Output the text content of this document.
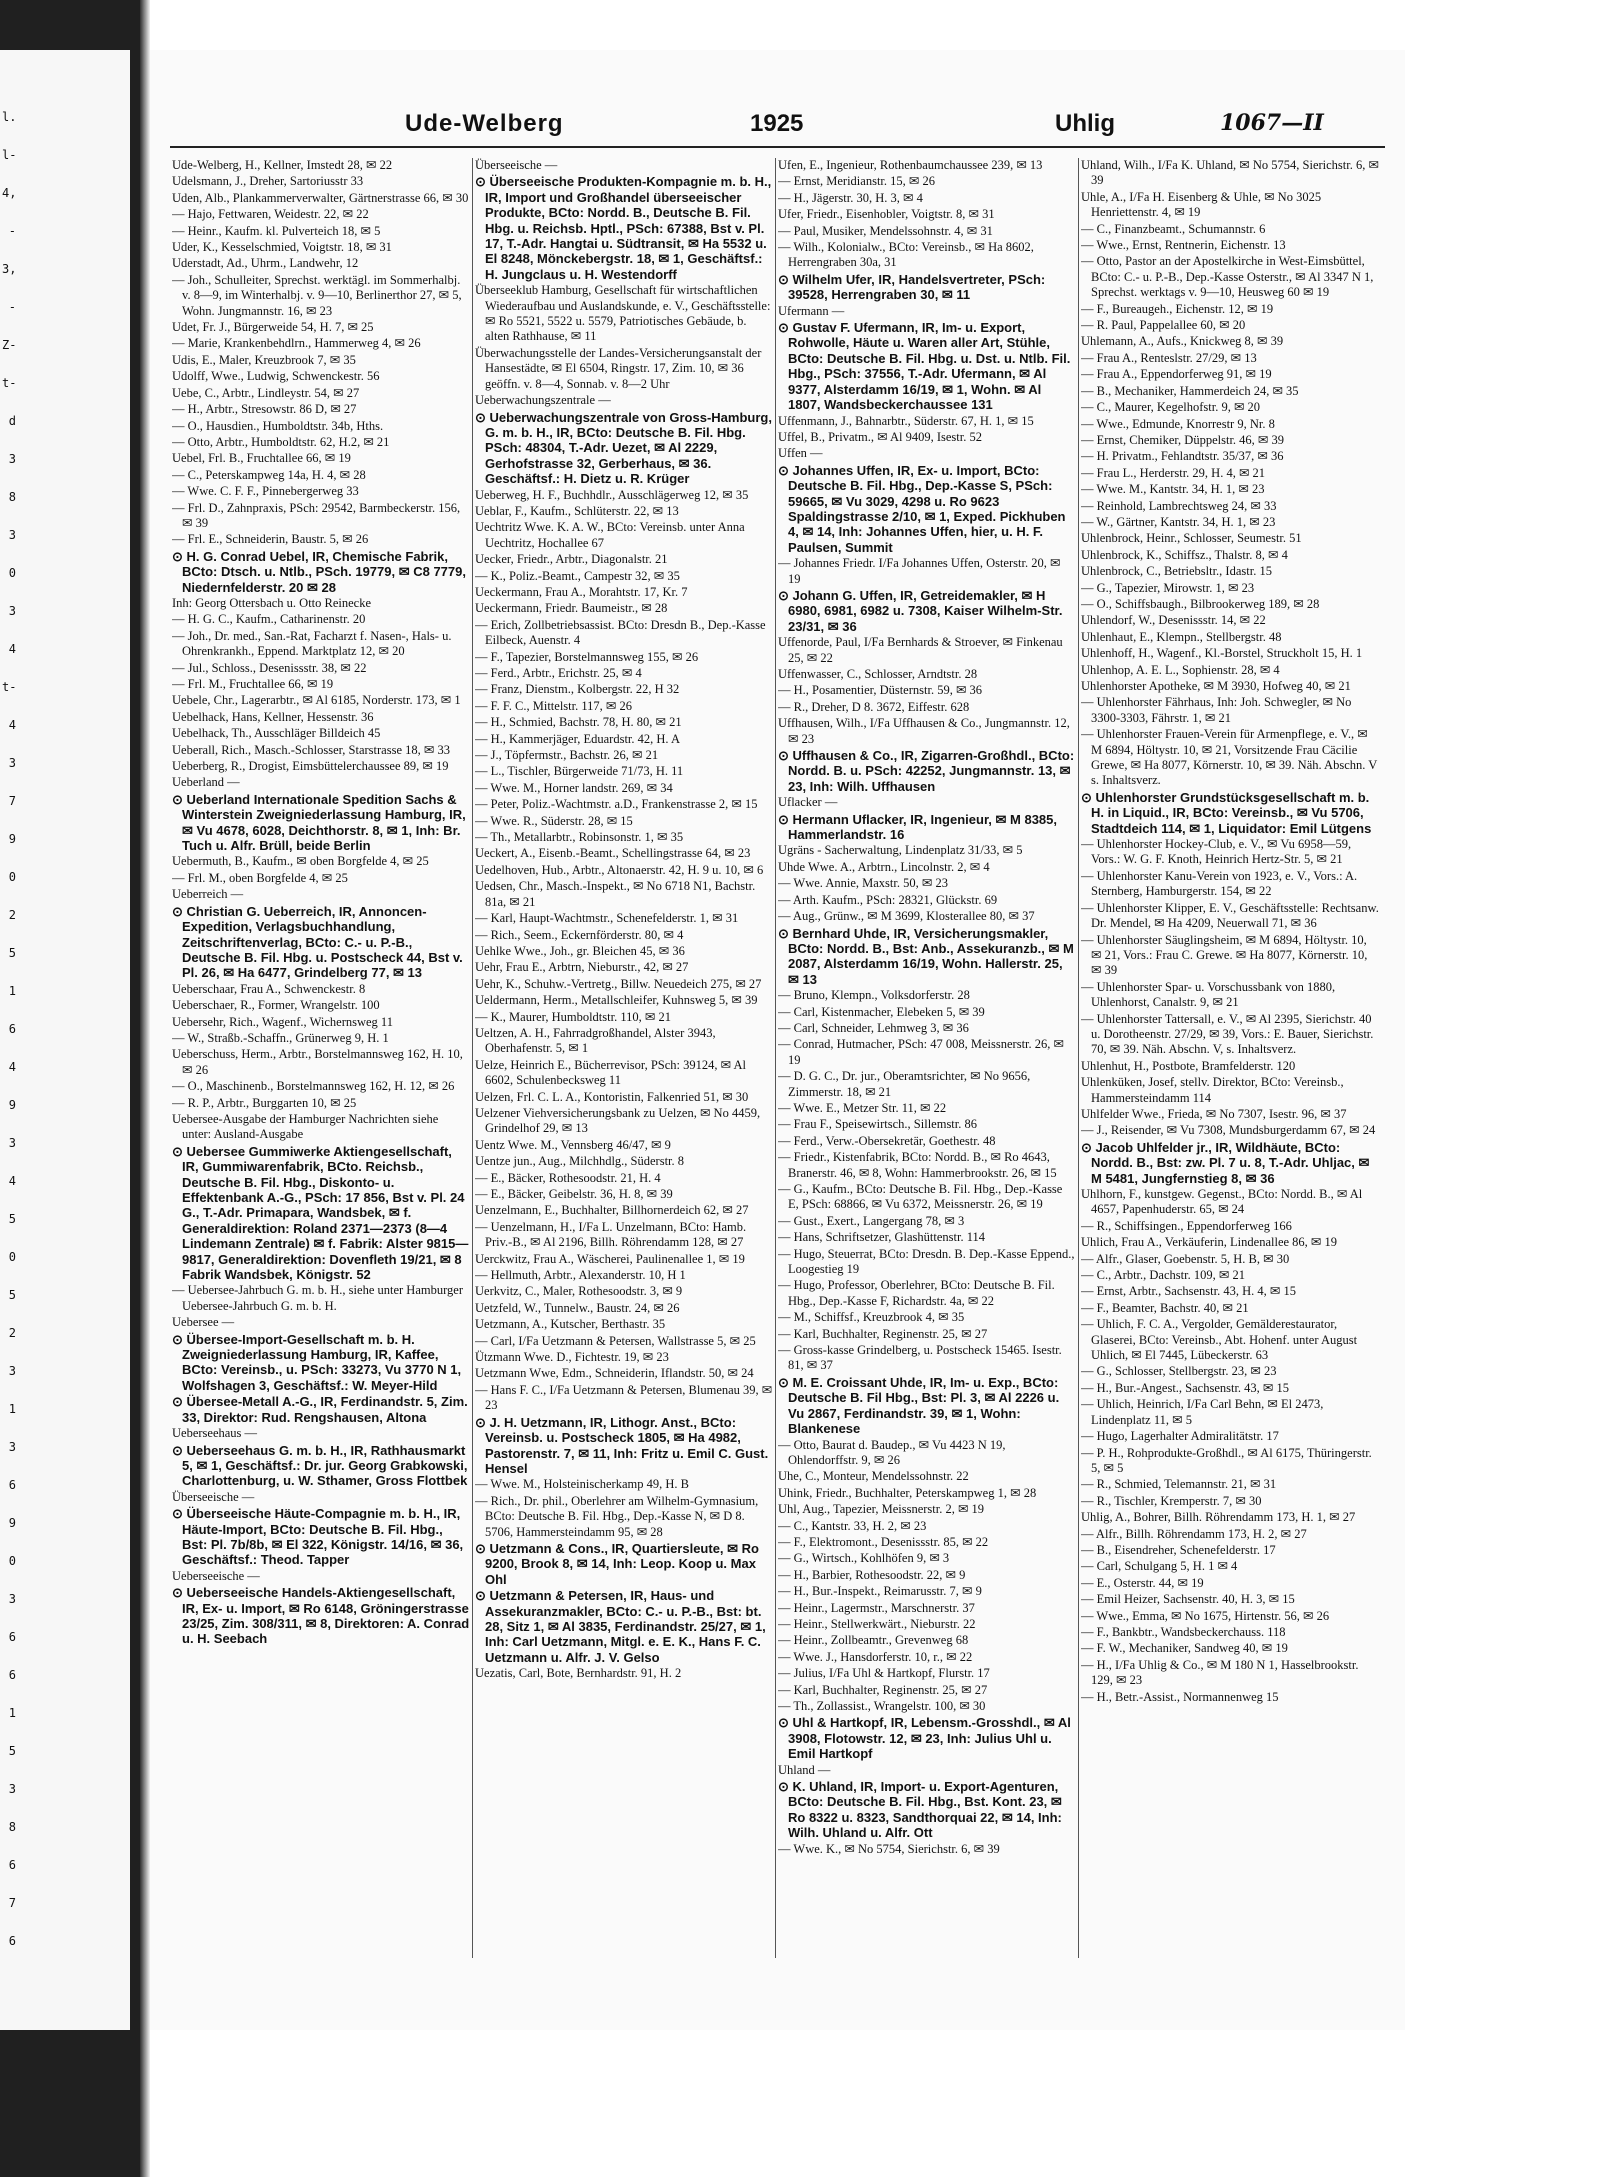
l.
l-
4,
-
3,
-
Z-
t-
d
3
8
3
0
3
4
t-
4
3
7
9
0
2
5
1
6
4
9
3
4
5
0
5
2
3
1
3
6
9
0
3
6
6
1
5
3
8
6
7
6
Ude-Welberg	1925	Uhlig	1067—II
Ude-Welberg, H., Kellner, Imstedt 28, ✉ 22
Udelsmann, J., Dreher, Sartoriusstr 33
Uden, Alb., Plankammerverwalter, Gärtnerstrasse 66, ✉ 30
— Hajo, Fettwaren, Weidestr. 22, ✉ 22
— Heinr., Kaufm. kl. Pulverteich 18, ✉ 5
Uder, K., Kesselschmied, Voigtstr. 18, ✉ 31
Uderstadt, Ad., Uhrm., Landwehr, 12
— Joh., Schulleiter, Sprechst. werktägl. im Sommerhalbj. v. 8—9, im Winterhalbj. v. 9—10, Berlinerthor 27, ✉ 5, Wohn. Jungmannstr. 16, ✉ 23
Udet, Fr. J., Bürgerweide 54, H. 7, ✉ 25
— Marie, Krankenbehdlrn., Hammerweg 4, ✉ 26
Udis, E., Maler, Kreuzbrook 7, ✉ 35
Udolff, Wwe., Ludwig, Schwenckestr. 56
Uebe, C., Arbtr., Lindleystr. 54, ✉ 27
— H., Arbtr., Stresowstr. 86 D, ✉ 27
— O., Hausdien., Humboldtstr. 34b, Hths.
— Otto, Arbtr., Humboldtstr. 62, H.2, ✉ 21
Uebel, Frl. B., Fruchtallee 66, ✉ 19
— C., Peterskampweg 14a, H. 4, ✉ 28
— Wwe. C. F. F., Pinnebergerweg 33
— Frl. D., Zahnpraxis, PSch: 29542, Barmbeckerstr. 156, ✉ 39
— Frl. E., Schneiderin, Baustr. 5, ✉ 26
⊙ H. G. Conrad Uebel, IR, Chemische Fabrik, BCto: Dtsch. u. Ntlb., PSch. 19779, ✉ C8 7779, Niedernfelderstr. 20 ✉ 28
Inh: Georg Ottersbach u. Otto Reinecke
— H. G. C., Kaufm., Catharinenstr. 20
— Joh., Dr. med., San.-Rat, Facharzt f. Nasen-, Hals- u. Ohrenkrankh., Eppend. Marktplatz 12, ✉ 20
— Jul., Schloss., Desenissstr. 38, ✉ 22
— Frl. M., Fruchtallee 66, ✉ 19
Uebele, Chr., Lagerarbtr., ✉ Al 6185, Norderstr. 173, ✉ 1
Uebelhack, Hans, Kellner, Hessenstr. 36
Uebelhack, Th., Ausschläger Billdeich 45
Ueberall, Rich., Masch.-Schlosser, Starstrasse 18, ✉ 33
Ueberberg, R., Drogist, Eimsbüttelerchaussee 89, ✉ 19
Ueberland —
⊙ Ueberland Internationale Spedition Sachs & Winterstein Zweigniederlassung Hamburg, IR, ✉ Vu 4678, 6028, Deichthorstr. 8, ✉ 1, Inh: Br. Tuch u. Alfr. Brüll, beide Berlin
Uebermuth, B., Kaufm., ✉ oben Borgfelde 4, ✉ 25
— Frl. M., oben Borgfelde 4, ✉ 25
Ueberreich —
⊙ Christian G. Ueberreich, IR, Annoncen-Expedition, Verlagsbuchhandlung, Zeitschriftenverlag, BCto: C.- u. P.-B., Deutsche B. Fil. Hbg. u. Postscheck 44, Bst v. Pl. 26, ✉ Ha 6477, Grindelberg 77, ✉ 13
Ueberschaar, Frau A., Schwenckestr. 8
Ueberschaer, R., Former, Wrangelstr. 100
Uebersehr, Rich., Wagenf., Wichernsweg 11
— W., Straßb.-Schaffn., Grünerweg 9, H. 1
Ueberschuss, Herm., Arbtr., Borstelmannsweg 162, H. 10, ✉ 26
— O., Maschinenb., Borstelmannsweg 162, H. 12, ✉ 26
— R. P., Arbtr., Burggarten 10, ✉ 25
Uebersee-Ausgabe der Hamburger Nachrichten siehe unter: Ausland-Ausgabe
⊙ Uebersee Gummiwerke Aktiengesellschaft, IR, Gummiwarenfabrik, BCto. Reichsb., Deutsche B. Fil. Hbg., Diskonto- u. Effektenbank A.-G., PSch: 17 856, Bst v. Pl. 24 G., T.-Adr. Primapara, Wandsbek, ✉ f. Generaldirektion: Roland 2371—2373 (8—4 Lindemann Zentrale) ✉ f. Fabrik: Alster 9815—9817, Generaldirektion: Dovenfleth 19/21, ✉ 8 Fabrik Wandsbek, Königstr. 52
— Uebersee-Jahrbuch G. m. b. H., siehe unter Hamburger Uebersee-Jahrbuch G. m. b. H.
Uebersee —
⊙ Übersee-Import-Gesellschaft m. b. H. Zweigniederlassung Hamburg, IR, Kaffee, BCto: Vereinsb., u. PSch: 33273, Vu 3770 N 1, Wolfshagen 3, Geschäftsf.: W. Meyer-Hild
⊙ Übersee-Metall A.-G., IR, Ferdinandstr. 5, Zim. 33, Direktor: Rud. Rengshausen, Altona
Ueberseehaus —
⊙ Ueberseehaus G. m. b. H., IR, Rathhausmarkt 5, ✉ 1, Geschäftsf.: Dr. jur. Georg Grabkowski, Charlottenburg, u. W. Sthamer, Gross Flottbek
Überseeische —
⊙ Überseeische Häute-Compagnie m. b. H., IR, Häute-Import, BCto: Deutsche B. Fil. Hbg., Bst: Pl. 7b/8b, ✉ El 322, Königstr. 14/16, ✉ 36, Geschäftsf.: Theod. Tapper
Ueberseeische —
⊙ Ueberseeische Handels-Aktiengesellschaft, IR, Ex- u. Import, ✉ Ro 6148, Gröningerstrasse 23/25, Zim. 308/311, ✉ 8, Direktoren: A. Conrad u. H. Seebach
Überseeische —
⊙ Überseeische Produkten-Kompagnie m. b. H., IR, Import und Großhandel überseeischer Produkte, BCto: Nordd. B., Deutsche B. Fil. Hbg. u. Reichsb. Hptl., PSch: 67388, Bst v. Pl. 17, T.-Adr. Hangtai u. Südtransit, ✉ Ha 5532 u. El 8248, Mönckebergstr. 18, ✉ 1, Geschäftsf.: H. Jungclaus u. H. Westendorff
Überseeklub Hamburg, Gesellschaft für wirtschaftlichen Wiederaufbau und Auslandskunde, e. V., Geschäftsstelle: ✉ Ro 5521, 5522 u. 5579, Patriotisches Gebäude, b. alten Rathhause, ✉ 11
Überwachungsstelle der Landes-Versicherungsanstalt der Hansestädte, ✉ El 6504, Ringstr. 17, Zim. 10, ✉ 36 geöffn. v. 8—4, Sonnab. v. 8—2 Uhr
Ueberwachungszentrale —
⊙ Ueberwachungszentrale von Gross-Hamburg, G. m. b. H., IR, BCto: Deutsche B. Fil. Hbg. PSch: 48304, T.-Adr. Uezet, ✉ Al 2229, Gerhofstrasse 32, Gerberhaus, ✉ 36. Geschäftsf.: H. Dietz u. R. Krüger
Ueberweg, H. F., Buchhdlr., Ausschlägerweg 12, ✉ 35
Ueblar, F., Kaufm., Schlüterstr. 22, ✉ 13
Uechtritz Wwe. K. A. W., BCto: Vereinsb. unter Anna Uechtritz, Hochallee 67
Uecker, Friedr., Arbtr., Diagonalstr. 21
— K., Poliz.-Beamt., Campestr 32, ✉ 35
Ueckermann, Frau A., Morahtstr. 17, Kr. 7
Ueckermann, Friedr. Baumeistr., ✉ 28
— Erich, Zollbetriebsassist. BCto: Dresdn B., Dep.-Kasse Eilbeck, Auenstr. 4
— F., Tapezier, Borstelmannsweg 155, ✉ 26
— Ferd., Arbtr., Erichstr. 25, ✉ 4
— Franz, Dienstm., Kolbergstr. 22, H 32
— F. F. C., Mittelstr. 117, ✉ 26
— H., Schmied, Bachstr. 78, H. 80, ✉ 21
— H., Kammerjäger, Eduardstr. 42, H. A
— J., Töpfermstr., Bachstr. 26, ✉ 21
— L., Tischler, Bürgerweide 71/73, H. 11
— Wwe. M., Horner landstr. 269, ✉ 34
— Peter, Poliz.-Wachtmstr. a.D., Frankenstrasse 2, ✉ 15
— Wwe. R., Süderstr. 28, ✉ 15
— Th., Metallarbtr., Robinsonstr. 1, ✉ 35
Ueckert, A., Eisenb.-Beamt., Schellingstrasse 64, ✉ 23
Uedelhoven, Hub., Arbtr., Altonaerstr. 42, H. 9 u. 10, ✉ 6
Uedsen, Chr., Masch.-Inspekt., ✉ No 6718 N1, Bachstr. 81a, ✉ 21
— Karl, Haupt-Wachtmstr., Schenefelderstr. 1, ✉ 31
— Rich., Seem., Eckernförderstr. 80, ✉ 4
Uehlke Wwe., Joh., gr. Bleichen 45, ✉ 36
Uehr, Frau E., Arbtrn, Nieburstr., 42, ✉ 27
Uehr, K., Schuhw.-Vertretg., Billw. Neuedeich 275, ✉ 27
Ueldermann, Herm., Metallschleifer, Kuhnsweg 5, ✉ 39
— K., Maurer, Humboldtstr. 110, ✉ 21
Ueltzen, A. H., Fahrradgroßhandel, Alster 3943, Oberhafenstr. 5, ✉ 1
Uelze, Heinrich E., Bücherrevisor, PSch: 39124, ✉ Al 6602, Schulenbecksweg 11
Uelzen, Frl. C. L. A., Kontoristin, Falkenried 51, ✉ 30
Uelzener Viehversicherungsbank zu Uelzen, ✉ No 4459, Grindelhof 29, ✉ 13
Uentz Wwe. M., Vennsberg 46/47, ✉ 9
Uentze jun., Aug., Milchhdlg., Süderstr. 8
— E., Bäcker, Rothesoodstr. 21, H. 4
— E., Bäcker, Geibelstr. 36, H. 8, ✉ 39
Uenzelmann, E., Buchhalter, Billhornerdeich 62, ✉ 27
— Uenzelmann, H., I/Fa L. Unzelmann, BCto: Hamb. Priv.-B., ✉ Al 2196, Billh. Röhrendamm 128, ✉ 27
Uerckwitz, Frau A., Wäscherei, Paulinenallee 1, ✉ 19
— Hellmuth, Arbtr., Alexanderstr. 10, H 1
Uerkvitz, C., Maler, Rothesoodstr. 3, ✉ 9
Uetzfeld, W., Tunnelw., Baustr. 24, ✉ 26
Uetzmann, A., Kutscher, Berthastr. 35
— Carl, I/Fa Uetzmann & Petersen, Wallstrasse 5, ✉ 25
Ützmann Wwe. D., Fichtestr. 19, ✉ 23
Uetzmann Wwe, Edm., Schneiderin, Iflandstr. 50, ✉ 24
— Hans F. C., I/Fa Uetzmann & Petersen, Blumenau 39, ✉ 23
⊙ J. H. Uetzmann, IR, Lithogr. Anst., BCto: Vereinsb. u. Postscheck 1805, ✉ Ha 4982, Pastorenstr. 7, ✉ 11, Inh: Fritz u. Emil C. Gust. Hensel
— Wwe. M., Holsteinischerkamp 49, H. B
— Rich., Dr. phil., Oberlehrer am Wilhelm-Gymnasium, BCto: Deutsche B. Fil. Hbg., Dep.-Kasse N, ✉ D 8. 5706, Hammersteindamm 95, ✉ 28
⊙ Uetzmann & Cons., IR, Quartiersleute, ✉ Ro 9200, Brook 8, ✉ 14, Inh: Leop. Koop u. Max Ohl
⊙ Uetzmann & Petersen, IR, Haus- und Assekuranzmakler, BCto: C.- u. P.-B., Bst: bt. 28, Sitz 1, ✉ Al 3835, Ferdinandstr. 25/27, ✉ 1, Inh: Carl Uetzmann, Mitgl. e. E. K., Hans F. C. Uetzmann u. Alfr. J. V. Gelso
Uezatis, Carl, Bote, Bernhardstr. 91, H. 2
Ufen, E., Ingenieur, Rothenbaumchaussee 239, ✉ 13
— Ernst, Meridianstr. 15, ✉ 26
— H., Jägerstr. 30, H. 3, ✉ 4
Ufer, Friedr., Eisenhobler, Voigtstr. 8, ✉ 31
— Paul, Musiker, Mendelssohnstr. 4, ✉ 31
— Wilh., Kolonialw., BCto: Vereinsb., ✉ Ha 8602, Herrengraben 30a, 31
⊙ Wilhelm Ufer, IR, Handelsvertreter, PSch: 39528, Herrengraben 30, ✉ 11
Ufermann —
⊙ Gustav F. Ufermann, IR, Im- u. Export, Rohwolle, Häute u. Waren aller Art, Stühle, BCto: Deutsche B. Fil. Hbg. u. Dst. u. Ntlb. Fil. Hbg., PSch: 37556, T.-Adr. Ufermann, ✉ Al 9377, Alsterdamm 16/19, ✉ 1, Wohn. ✉ Al 1807, Wandsbeckerchaussee 131
Uffenmann, J., Bahnarbtr., Süderstr. 67, H. 1, ✉ 15
Uffel, B., Privatm., ✉ Al 9409, Isestr. 52
Uffen —
⊙ Johannes Uffen, IR, Ex- u. Import, BCto: Deutsche B. Fil. Hbg., Dep.-Kasse S, PSch: 59665, ✉ Vu 3029, 4298 u. Ro 9623 Spaldingstrasse 2/10, ✉ 1, Exped. Pickhuben 4, ✉ 14, Inh: Johannes Uffen, hier, u. H. F. Paulsen, Summit
— Johannes Friedr. I/Fa Johannes Uffen, Osterstr. 20, ✉ 19
⊙ Johann G. Uffen, IR, Getreidemakler, ✉ H 6980, 6981, 6982 u. 7308, Kaiser Wilhelm-Str. 23/31, ✉ 36
Uffenorde, Paul, I/Fa Bernhards & Stroever, ✉ Finkenau 25, ✉ 22
Uffenwasser, C., Schlosser, Arndtstr. 28
— H., Posamentier, Düsternstr. 59, ✉ 36
— R., Dreher, D 8. 3672, Eiffestr. 628
Uffhausen, Wilh., I/Fa Uffhausen & Co., Jungmannstr. 12, ✉ 23
⊙ Uffhausen & Co., IR, Zigarren-Großhdl., BCto: Nordd. B. u. PSch: 42252, Jungmannstr. 13, ✉ 23, Inh: Wilh. Uffhausen
Uflacker —
⊙ Hermann Uflacker, IR, Ingenieur, ✉ M 8385, Hammerlandstr. 16
Ugräns - Sacherwaltung, Lindenplatz 31/33, ✉ 5
Uhde Wwe. A., Arbtrn., Lincolnstr. 2, ✉ 4
— Wwe. Annie, Maxstr. 50, ✉ 23
— Arth. Kaufm., PSch: 28321, Glückstr. 69
— Aug., Grünw., ✉ M 3699, Klosterallee 80, ✉ 37
⊙ Bernhard Uhde, IR, Versicherungsmakler, BCto: Nordd. B., Bst: Anb., Assekuranzb., ✉ M 2087, Alsterdamm 16/19, Wohn. Hallerstr. 25, ✉ 13
— Bruno, Klempn., Volksdorferstr. 28
— Carl, Kistenmacher, Elebeken 5, ✉ 39
— Carl, Schneider, Lehmweg 3, ✉ 36
— Conrad, Hutmacher, PSch: 47 008, Meissnerstr. 26, ✉ 19
— D. G. C., Dr. jur., Oberamtsrichter, ✉ No 9656, Zimmerstr. 18, ✉ 21
— Wwe. E., Metzer Str. 11, ✉ 22
— Frau F., Speisewirtsch., Sillemstr. 86
— Ferd., Verw.-Obersekretär, Goethestr. 48
— Friedr., Kistenfabrik, BCto: Nordd. B., ✉ Ro 4643, Branerstr. 46, ✉ 8, Wohn: Hammerbrookstr. 26, ✉ 15
— G., Kaufm., BCto: Deutsche B. Fil. Hbg., Dep.-Kasse E, PSch: 68866, ✉ Vu 6372, Meissnerstr. 26, ✉ 19
— Gust., Exert., Langergang 78, ✉ 3
— Hans, Schriftsetzer, Glashüttenstr. 114
— Hugo, Steuerrat, BCto: Dresdn. B. Dep.-Kasse Eppend., Loogestieg 19
— Hugo, Professor, Oberlehrer, BCto: Deutsche B. Fil. Hbg., Dep.-Kasse F, Richardstr. 4a, ✉ 22
— M., Schiffsf., Kreuzbrook 4, ✉ 35
— Karl, Buchhalter, Reginenstr. 25, ✉ 27
— Gross-kasse Grindelberg, u. Postscheck 15465. Isestr. 81, ✉ 37
⊙ M. E. Croissant Uhde, IR, Im- u. Exp., BCto: Deutsche B. Fil Hbg., Bst: Pl. 3, ✉ Al 2226 u. Vu 2867, Ferdinandstr. 39, ✉ 1, Wohn: Blankenese
— Otto, Baurat d. Baudep., ✉ Vu 4423 N 19, Ohlendorffstr. 9, ✉ 26
Uhe, C., Monteur, Mendelssohnstr. 22
Uhink, Friedr., Buchhalter, Peterskampweg 1, ✉ 28
Uhl, Aug., Tapezier, Meissnerstr. 2, ✉ 19
— C., Kantstr. 33, H. 2, ✉ 23
— F., Elektromont., Desenissstr. 85, ✉ 22
— G., Wirtsch., Kohlhöfen 9, ✉ 3
— H., Barbier, Rothesoodstr. 22, ✉ 9
— H., Bur.-Inspekt., Reimarusstr. 7, ✉ 9
— Heinr., Lagermstr., Marschnerstr. 37
— Heinr., Stellwerkwärt., Nieburstr. 22
— Heinr., Zollbeamtr., Grevenweg 68
— Wwe. J., Hansdorferstr. 10, r., ✉ 22
— Julius, I/Fa Uhl & Hartkopf, Flurstr. 17
— Karl, Buchhalter, Reginenstr. 25, ✉ 27
— Th., Zollassist., Wrangelstr. 100, ✉ 30
⊙ Uhl & Hartkopf, IR, Lebensm.-Grosshdl., ✉ Al 3908, Flotowstr. 12, ✉ 23, Inh: Julius Uhl u. Emil Hartkopf
Uhland —
⊙ K. Uhland, IR, Import- u. Export-Agenturen, BCto: Deutsche B. Fil. Hbg., Bst. Kont. 23, ✉ Ro 8322 u. 8323, Sandthorquai 22, ✉ 14, Inh: Wilh. Uhland u. Alfr. Ott
— Wwe. K., ✉ No 5754, Sierichstr. 6, ✉ 39
Uhland, Wilh., I/Fa K. Uhland, ✉ No 5754, Sierichstr. 6, ✉ 39
Uhle, A., I/Fa H. Eisenberg & Uhle, ✉ No 3025 Henriettenstr. 4, ✉ 19
— C., Finanzbeamt., Schumannstr. 6
— Wwe., Ernst, Rentnerin, Eichenstr. 13
— Otto, Pastor an der Apostelkirche in West-Eimsbüttel, BCto: C.- u. P.-B., Dep.-Kasse Osterstr., ✉ Al 3347 N 1, Sprechst. werktags v. 9—10, Heusweg 60 ✉ 19
— F., Bureaugeh., Eichenstr. 12, ✉ 19
— R. Paul, Pappelallee 60, ✉ 20
Uhlemann, A., Aufs., Knickweg 8, ✉ 39
— Frau A., Renteslstr. 27/29, ✉ 13
— Frau A., Eppendorferweg 91, ✉ 19
— B., Mechaniker, Hammerdeich 24, ✉ 35
— C., Maurer, Kegelhofstr. 9, ✉ 20
— Wwe., Edmunde, Knorrestr 9, Nr. 8
— Ernst, Chemiker, Düppelstr. 46, ✉ 39
— H. Privatm., Fehlandtstr. 35/37, ✉ 36
— Frau L., Herderstr. 29, H. 4, ✉ 21
— Wwe. M., Kantstr. 34, H. 1, ✉ 23
— Reinhold, Lambrechtsweg 24, ✉ 33
— W., Gärtner, Kantstr. 34, H. 1, ✉ 23
Uhlenbrock, Heinr., Schlosser, Seumestr. 51
Uhlenbrock, K., Schiffsz., Thalstr. 8, ✉ 4
Uhlenbrock, C., Betriebsltr., Idastr. 15
— G., Tapezier, Mirowstr. 1, ✉ 23
— O., Schiffsbaugh., Bilbrookerweg 189, ✉ 28
Uhlendorf, W., Desenissstr. 14, ✉ 22
Uhlenhaut, E., Klempn., Stellbergstr. 48
Uhlenhoff, H., Wagenf., Kl.-Borstel, Struckholt 15, H. 1
Uhlenhop, A. E. L., Sophienstr. 28, ✉ 4
Uhlenhorster Apotheke, ✉ M 3930, Hofweg 40, ✉ 21
— Uhlenhorster Fährhaus, Inh: Joh. Schwegler, ✉ No 3300-3303, Fährstr. 1, ✉ 21
— Uhlenhorster Frauen-Verein für Armenpflege, e. V., ✉ M 6894, Höltystr. 10, ✉ 21, Vorsitzende Frau Cäcilie Grewe, ✉ Ha 8077, Körnerstr. 10, ✉ 39. Näh. Abschn. V s. Inhaltsverz.
⊙ Uhlenhorster Grundstücksgesellschaft m. b. H. in Liquid., IR, BCto: Vereinsb., ✉ Vu 5706, Stadtdeich 114, ✉ 1, Liquidator: Emil Lütgens
— Uhlenhorster Hockey-Club, e. V., ✉ Vu 6958—59, Vors.: W. G. F. Knoth, Heinrich Hertz-Str. 5, ✉ 21
— Uhlenhorster Kanu-Verein von 1923, e. V., Vors.: A. Sternberg, Hamburgerstr. 154, ✉ 22
— Uhlenhorster Klipper, E. V., Geschäftsstelle: Rechtsanw. Dr. Mendel, ✉ Ha 4209, Neuerwall 71, ✉ 36
— Uhlenhorster Säuglingsheim, ✉ M 6894, Höltystr. 10, ✉ 21, Vors.: Frau C. Grewe. ✉ Ha 8077, Körnerstr. 10, ✉ 39
— Uhlenhorster Spar- u. Vorschussbank von 1880, Uhlenhorst, Canalstr. 9, ✉ 21
— Uhlenhorster Tattersall, e. V., ✉ Al 2395, Sierichstr. 40 u. Dorotheenstr. 27/29, ✉ 39, Vors.: E. Bauer, Sierichstr. 70, ✉ 39. Näh. Abschn. V, s. Inhaltsverz.
Uhlenhut, H., Postbote, Bramfelderstr. 120
Uhlenküken, Josef, stellv. Direktor, BCto: Vereinsb., Hammersteindamm 114
Uhlfelder Wwe., Frieda, ✉ No 7307, Isestr. 96, ✉ 37
— J., Reisender, ✉ Vu 7308, Mundsburgerdamm 67, ✉ 24
⊙ Jacob Uhlfelder jr., IR, Wildhäute, BCto: Nordd. B., Bst: zw. Pl. 7 u. 8, T.-Adr. Uhljac, ✉ M 5481, Jungfernstieg 8, ✉ 36
Uhlhorn, F., kunstgew. Gegenst., BCto: Nordd. B., ✉ Al 4657, Papenhuderstr. 65, ✉ 24
— R., Schiffsingen., Eppendorferweg 166
Uhlich, Frau A., Verkäuferin, Lindenallee 86, ✉ 19
— Alfr., Glaser, Goebenstr. 5, H. B, ✉ 30
— C., Arbtr., Dachstr. 109, ✉ 21
— Ernst, Arbtr., Sachsenstr. 43, H. 4, ✉ 15
— F., Beamter, Bachstr. 40, ✉ 21
— Uhlich, F. C. A., Vergolder, Gemälderestaurator, Glaserei, BCto: Vereinsb., Abt. Hohenf. unter August Uhlich, ✉ El 7445, Lübeckerstr. 63
— G., Schlosser, Stellbergstr. 23, ✉ 23
— H., Bur.-Angest., Sachsenstr. 43, ✉ 15
— Uhlich, Heinrich, I/Fa Carl Behn, ✉ El 2473, Lindenplatz 11, ✉ 5
— Hugo, Lagerhalter Admiralitätstr. 17
— P. H., Rohprodukte-Großhdl., ✉ Al 6175, Thüringerstr. 5, ✉ 5
— R., Schmied, Telemannstr. 21, ✉ 31
— R., Tischler, Kremperstr. 7, ✉ 30
Uhlig, A., Bohrer, Billh. Röhrendamm 173, H. 1, ✉ 27
— Alfr., Billh. Röhrendamm 173, H. 2, ✉ 27
— B., Eisendreher, Schenefelderstr. 17
— Carl, Schulgang 5, H. 1 ✉ 4
— E., Osterstr. 44, ✉ 19
— Emil Heizer, Sachsenstr. 40, H. 3, ✉ 15
— Wwe., Emma, ✉ No 1675, Hirtenstr. 56, ✉ 26
— F., Bankbtr., Wandsbeckerchauss. 118
— F. W., Mechaniker, Sandweg 40, ✉ 19
— H., I/Fa Uhlig & Co., ✉ M 180 N 1, Hasselbrookstr. 129, ✉ 23
— H., Betr.-Assist., Normannenweg 15
